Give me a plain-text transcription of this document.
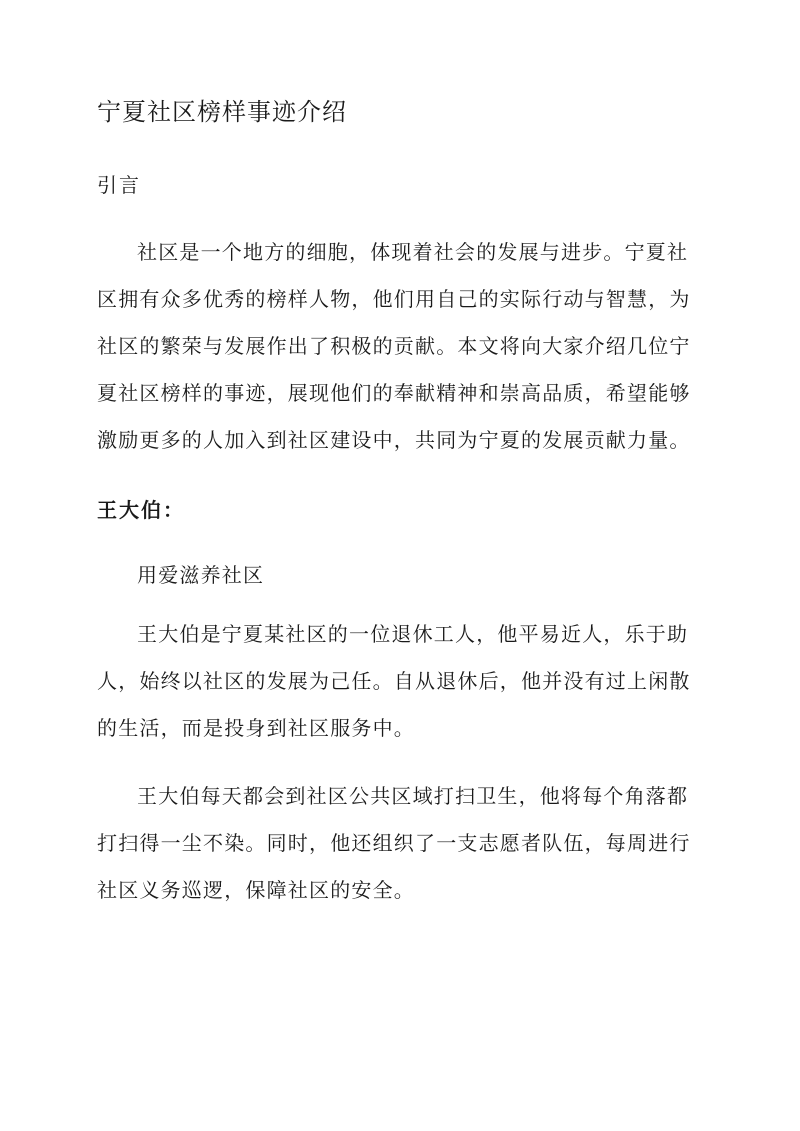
宁夏社区榜样事迹介绍
引言

社区是一个地方的细胞，体现着社会的发展与进步。宁夏社区拥有众多优秀的榜样人物，他们用自己的实际行动与智慧，为社区的繁荣与发展作出了积极的贡献。本文将向大家介绍几位宁夏社区榜样的事迹，展现他们的奉献精神和崇高品质，希望能够激励更多的人加入到社区建设中，共同为宁夏的发展贡献力量。

王大伯：

用爱滋养社区

王大伯是宁夏某社区的一位退休工人，他平易近人，乐于助人，始终以社区的发展为己任。自从退休后，他并没有过上闲散的生活，而是投身到社区服务中。

王大伯每天都会到社区公共区域打扫卫生，他将每个角落都打扫得一尘不染。同时，他还组织了一支志愿者队伍，每周进行社区义务巡逻，保障社区的安全。
